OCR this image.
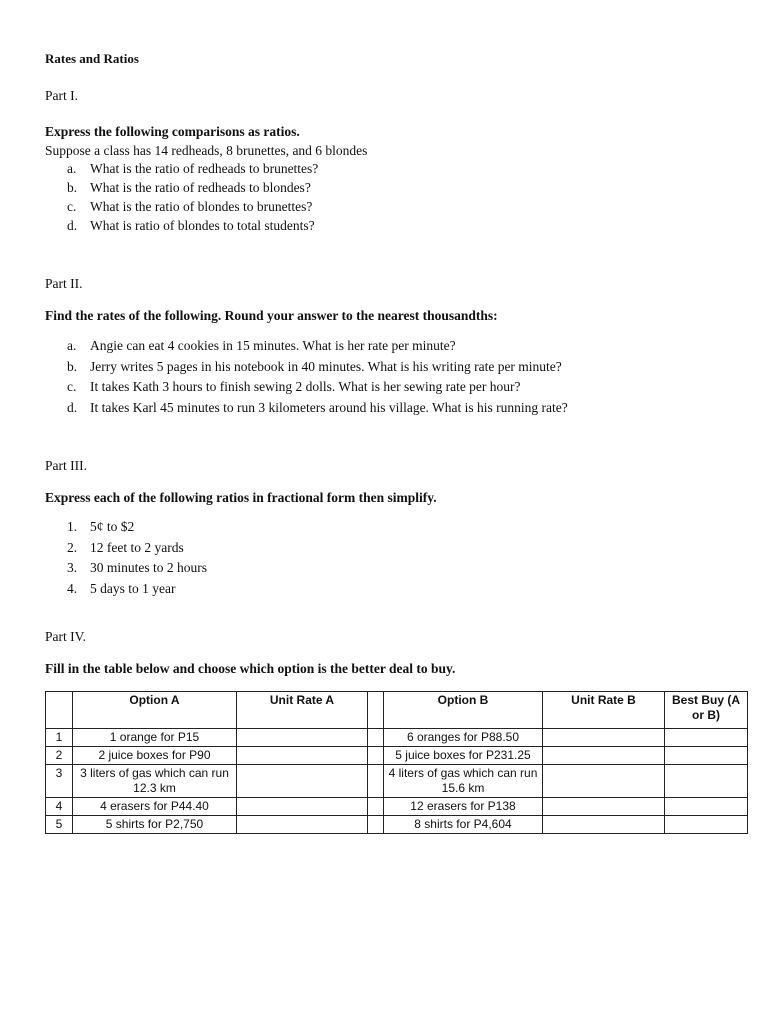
Rates and Ratios

Part I.

Express the following comparisons as ratios.

Suppose a class has 14 redheads, 8 brunettes, and 6 blondes

a. What is the ratio of redheads to brunettes?
b. What is the ratio of redheads to blondes?
c. What is the ratio of blondes to brunettes?
d. What is ratio of blondes to total students?

Part II.

Find the rates of the following. Round your answer to the nearest thousandths:

a. Angie can eat 4 cookies in 15 minutes. What is her rate per minute?
b. Jerry writes 5 pages in his notebook in 40 minutes. What is his writing rate per minute?
c. It takes Kath 3 hours to finish sewing 2 dolls. What is her sewing rate per hour?
d. It takes Karl 45 minutes to run 3 kilometers around his village. What is his running rate?

Part III.

Express each of the following ratios in fractional form then simplify.

1. 5¢ to $2
2. 12 feet to 2 yards
3. 30 minutes to 2 hours
4. 5 days to 1 year

Part IV.

Fill in the table below and choose which option is the better deal to buy.

	Option A	Unit Rate A		Option B	Unit Rate B	Best Buy (A or B)
1	1 orange for P15			6 oranges for P88.50		
2	2 juice boxes for P90			5 juice boxes for P231.25		
3	3 liters of gas which can run 12.3 km			4 liters of gas which can run 15.6 km		
4	4 erasers for P44.40			12 erasers for P138		
5	5 shirts for P2,750			8 shirts for P4,604		
